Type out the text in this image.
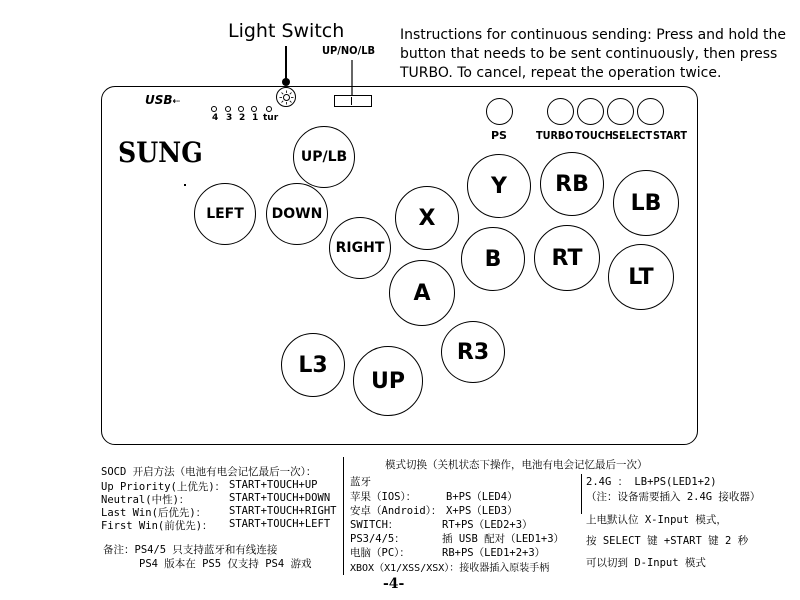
Light Switch	Instructions for continuous sending: Press and hold the button that needs to be sent continuously, then press TURBO. To cancel, repeat the operation twice.
UP/NO/LB
USB⇠
4 3 2 1 tur
SUNG
PS	TURBO TOUCH SELECT START
UP/LB
LEFT DOWN
RIGHT
Y
X
RB
LB
B RT
LT
A
R3
L3
UP
SOCD 开启方法（电池有电会记忆最后一次）：
Up Priority(上优先)： START+TOUCH+UP
Neutral(中性)：	START+TOUCH+DOWN
Last Win(后优先)： START+TOUCH+RIGHT
First Win(前优先)： START+TOUCH+LEFT
备注：PS4/5 只支持蓝牙和有线连接
PS4 版本在 PS5 仅支持 PS4 游戏
模式切换（关机状态下操作，电池有电会记忆最后一次）
蓝牙
苹果（IOS）：	B+PS（LED4）
安卓（Android）： X+PS（LED3）
SWITCH：	RT+PS（LED2+3）
PS3/4/5：	插 USB 配对（LED1+3）
电脑（PC）：	RB+PS（LED1+2+3）
XBOX（X1/XSS/XSX）：接收器插入原装手柄
2.4G ： LB+PS(LED1+2)
（注：设备需要插入 2.4G 接收器）
上电默认位 X-Input 模式，
按 SELECT 键 +START 键 2 秒
可以切到 D-Input 模式
-4-
